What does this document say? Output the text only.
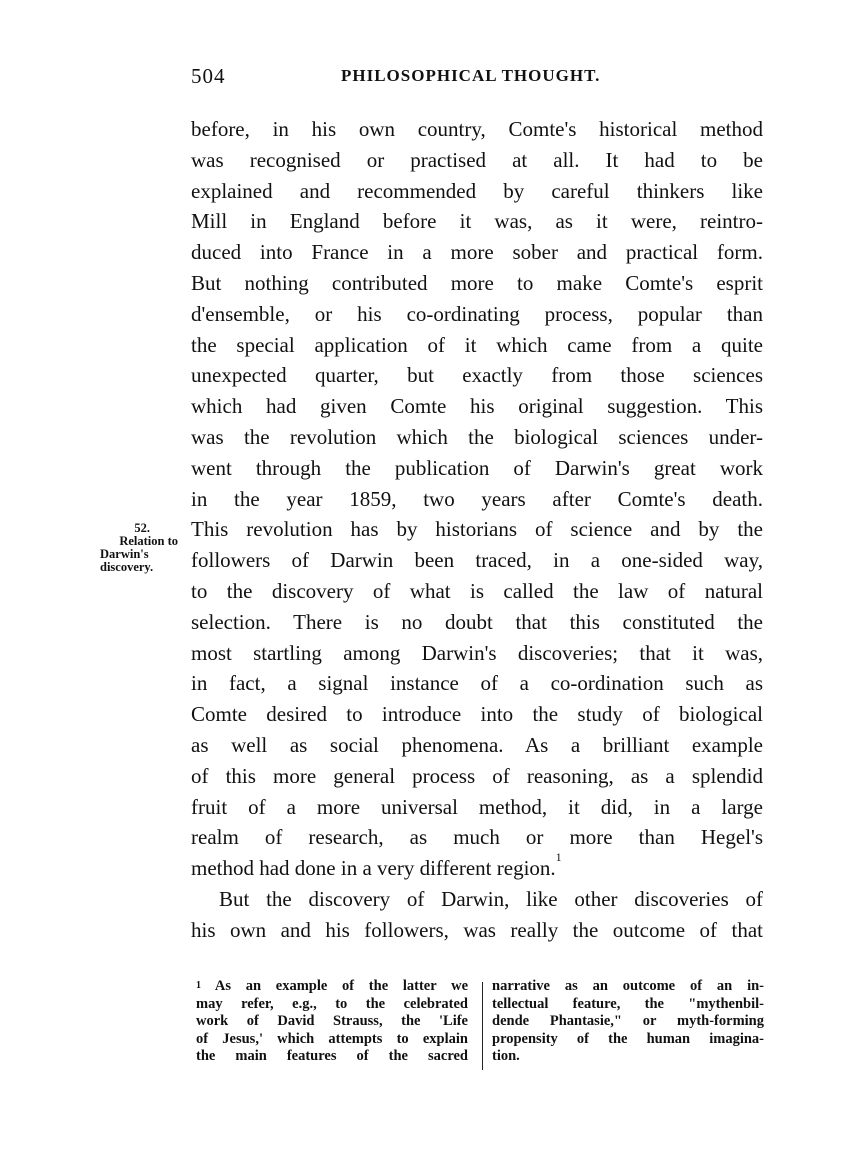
504	PHILOSOPHICAL THOUGHT.
52.
Relation to
Darwin's
discovery.
before, in his own country, Comte's historical method
was recognised or practised at all. It had to be
explained and recommended by careful thinkers like
Mill in England before it was, as it were, reintro-
duced into France in a more sober and practical form.
But nothing contributed more to make Comte's esprit
d'ensemble, or his co-ordinating process, popular than
the special application of it which came from a quite
unexpected quarter, but exactly from those sciences
which had given Comte his original suggestion. This
was the revolution which the biological sciences under-
went through the publication of Darwin's great work
in the year 1859, two years after Comte's death.
This revolution has by historians of science and by the
followers of Darwin been traced, in a one-sided way,
to the discovery of what is called the law of natural
selection. There is no doubt that this constituted the
most startling among Darwin's discoveries; that it was,
in fact, a signal instance of a co-ordination such as
Comte desired to introduce into the study of biological
as well as social phenomena. As a brilliant example
of this more general process of reasoning, as a splendid
fruit of a more universal method, it did, in a large
realm of research, as much or more than Hegel's
method had done in a very different region.$^1$
But the discovery of Darwin, like other discoveries of
his own and his followers, was really the outcome of that
$^1$ As an example of the latter we
may refer, e.g., to the celebrated
work of David Strauss, the 'Life
of Jesus,' which attempts to explain
the main features of the sacred
narrative as an outcome of an in-
tellectual feature, the "mythenbil-
dende Phantasie," or myth-forming
propensity of the human imagina-
tion.
